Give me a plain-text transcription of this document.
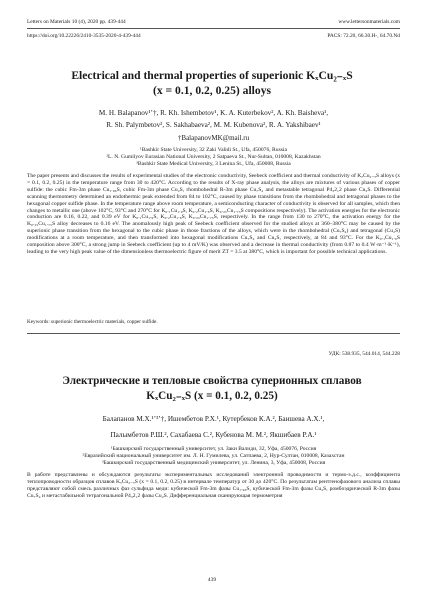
Letters on Materials 10 (4), 2020 pp. 439-444	www.lettersonmaterials.com
https://doi.org/10.22226/2410-3535-2020-4-439-444	PACS: 72.20, 66.30.H-, 64.70.Nd
Electrical and thermal properties of superionic KₓCu₂₋ₓS
(x = 0.1, 0.2, 0.25) alloys
M. H. Balapanov¹ʼ†, R. Kh. Ishembetov¹, K. A. Kuterbekov², A. Kh. Baisheva¹,
R. Sh. Palymbetov², S. Sakhabaeva², M. M. Kubenova², R. A. Yakshibaev¹
†BalapanovMK@mail.ru
¹Bashkir State University, 32 Zaki Validi St., Ufa, 450076, Russia
²L. N. Gumilyov Eurasian National University, 2 Satpaeva St., Nur-Sultan, 010008, Kazakhstan
³Bashkir State Medical University, 3 Lenina St., Ufa, 450008, Russia
The paper presents and discusses the results of experimental studies of the electronic conductivity, Seebeck coefficient and thermal conductivity of KₓCu₂₋ₓS alloys (x = 0.1, 0.2, 0.25) in the temperature range from 30 to 420°C. According to the results of X-ray phase analysis, the alloys are mixtures of various phases of copper sulfide: the cubic Fm-3m phase Cu₁.₉₆S, cubic Fm-3m phase Cu₂S, rhombohedral R-3m phase Cu₇S₄ and metastable tetragonal P4₃2₁2 phase Cu₂S. Differential scanning thermometry determined an endothermic peak extended from 84 to 102°C, caused by phase transitions from the rhombohedral and tetragonal phases to the hexagonal copper sulfide phase. In the temperature range above room temperature, a semiconducting character of conductivity is observed for all samples, which then changes to metallic one (above 102°C, 93°C and 270°C for K₀.₁Cu₁.₉S, K₀.₂Cu₁.₈S, K₀.₂₅Cu₁.₇₅S compositions respectively). The activation energies for the electronic conduction are 0.16, 0.22, and 0.39 eV for K₀.₁Cu₁.₉S, K₀.₂Cu₁.₈S, K₀.₂₅Cu₁.₇₅S, respectively. In the range from 130 to 270°C, the activation energy for the K₀.₂₅Cu₁.₇₅S alloy decreases to 0.16 eV. The anomalously high peak of Seebeck coefficient observed for the studied alloys at 360–380°C may be caused by the superionic phase transition from the hexagonal to the cubic phase in those fractions of the alloys, which were in the rhombohedral (Cu₇S₄) and tetragonal (Cu₂S) modifications at a room temperature, and then transformed into hexagonal modifications Cu₇S₄ and Cu₂S, respectively, at 84 and 93°C. For the K₀.₁Cu₁.₉S composition above 300°C, a strong jump in Seebeck coefficient (up to 4 mV/K) was observed and a decrease in thermal conductivity (from 0.87 to 0.4 W·m⁻¹·K⁻¹), leading to the very high peak value of the dimensionless thermoelectric figure of merit ZT = 3.5 at 380°C, which is important for possible technical applications.
Keywords: superionic thermoelectric materials, copper sulfide.
УДК: 538.935, 544.014, 544.228
Электрические и тепловые свойства суперионных сплавов
KₓCu₂₋ₓS (x = 0.1, 0.2, 0.25)
Балапанов М.Х.¹ʼ³ʼ†, Ишембетов Р.Х.¹, Кутербеков К.А.², Баишева А.Х.¹,
Палымбетов Р.Ш.², Сахабаева С.², Кубенова М. М.², Якшибаев Р.А.¹
¹Башкирский государственный университет, ул. Заки Валиди, 32, Уфа, 450076, Россия
²Евразийский национальный университет им. Л. Н. Гумилева, ул. Сатпаева, 2, Нур-Султан, 010008, Казахстан
³Башкирский государственный медицинский университет, ул. Ленина, 3, Уфа, 450008, Россия
В работе представлены и обсуждаются результаты экспериментальных исследований электронной проводимости и термо-э.д.с., коэффициента теплопроводности образцов сплавов KₓCu₂₋ₓS (x = 0.1, 0.2, 0.25) в интервале температур от 30 до 420°С. По результатам рентгенофазового анализа сплавы представляют собой смесь различных фаз сульфида меди: кубической Fm-3m фазы Cu₁.₉₆S, кубической Fm-3m фазы Cu₂S, ромбоэдрической R-3m фазы Cu₇S₄ и метастабильной тетрагональной P4₃2₁2 фазы Cu₂S. Дифференциальная сканирующая термометрия
439
